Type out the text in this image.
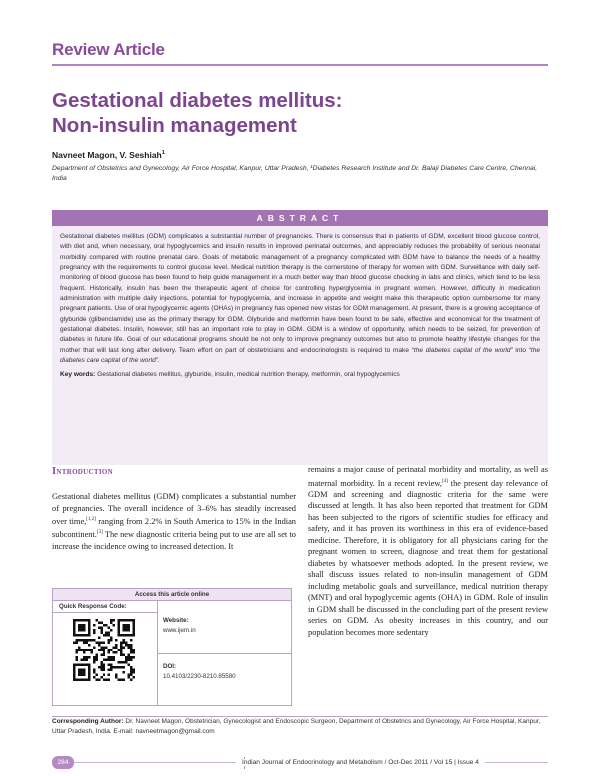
Review Article
Gestational diabetes mellitus:
Non-insulin management
Navneet Magon, V. Seshiah$^1$
Department of Obstetrics and Gynecology, Air Force Hospital, Kanpur, Uttar Pradesh, ¹Diabetes Research Institute and Dr. Balaji Diabetes Care Centre, Chennai, India
ABSTRACT

Gestational diabetes mellitus (GDM) complicates a substantial number of pregnancies. There is consensus that in patients of GDM, excellent blood glucose control, with diet and, when necessary, oral hypoglycemics and insulin results in improved perinatal outcomes, and appreciably reduces the probability of serious neonatal morbidity compared with routine prenatal care. Goals of metabolic management of a pregnancy complicated with GDM have to balance the needs of a healthy pregnancy with the requirements to control glucose level. Medical nutrition therapy is the cornerstone of therapy for women with GDM. Surveillance with daily self-monitoring of blood glucose has been found to help guide management in a much better way than blood glucose checking in labs and clinics, which tend to be less frequent. Historically, insulin has been the therapeutic agent of choice for controlling hyperglycemia in pregnant women. However, difficulty in medication administration with multiple daily injections, potential for hypoglycemia, and increase in appetite and weight make this therapeutic option cumbersome for many pregnant patients. Use of oral hypoglycemic agents (OHAs) in pregnancy has opened new vistas for GDM management. At present, there is a growing acceptance of glyburide (glibenclamide) use as the primary therapy for GDM. Glyburide and metformin have been found to be safe, effective and economical for the treatment of gestational diabetes. Insulin, however, still has an important role to play in GDM. GDM is a window of opportunity, which needs to be seized, for prevention of diabetes in future life. Goal of our educational programs should be not only to improve pregnancy outcomes but also to promote healthy lifestyle changes for the mother that will last long after delivery. Team effort on part of obstetricians and endocrinologists is required to make “the diabetes capital of the world” into “the diabetes care capital of the world”.

Key words: Gestational diabetes mellitus, glyburide, insulin, medical nutrition therapy, metformin, oral hypoglycemics

Introduction

Gestational diabetes mellitus (GDM) complicates a substantial number of pregnancies. The overall incidence of 3–6% has steadily increased over time,[1,2] ranging from 2.2% in South America to 15% in the Indian subcontinent.[3] The new diagnostic criteria being put to use are all set to increase the incidence owing to increased detection. It

remains a major cause of perinatal morbidity and mortality, as well as maternal morbidity. In a recent review,[4] the present day relevance of GDM and screening and diagnostic criteria for the same were discussed at length. It has also been reported that treatment for GDM has been subjected to the rigors of scientific studies for efficacy and safety, and it has proven its worthiness in this era of evidence-based medicine. Therefore, it is obligatory for all physicians caring for the pregnant women to screen, diagnose and treat them for gestational diabetes by whatsoever methods adopted. In the present review, we shall discuss issues related to non-insulin management of GDM including metabolic goals and surveillance, medical nutrition therapy (MNT) and oral hypoglycemic agents (OHA) in GDM. Role of insulin in GDM shall be discussed in the concluding part of the present review series on GDM. As obesity increases in this country, and our population becomes more sedentary

Access this article online
Quick Response Code:
Website:
www.ijem.in
DOI:
10.4103/2230-8210.85580
Corresponding Author: Dr. Navneet Magon, Obstetrician, Gynecologist and Endoscopic Surgeon, Department of Obstetrics and Gynecology, Air Force Hospital, Kanpur, Uttar Pradesh, India. E-mail: navneetmagon@gmail.com
284	Indian Journal of Endocrinology and Metabolism / Oct-Dec 2011 / Vol 15 | Issue 4
